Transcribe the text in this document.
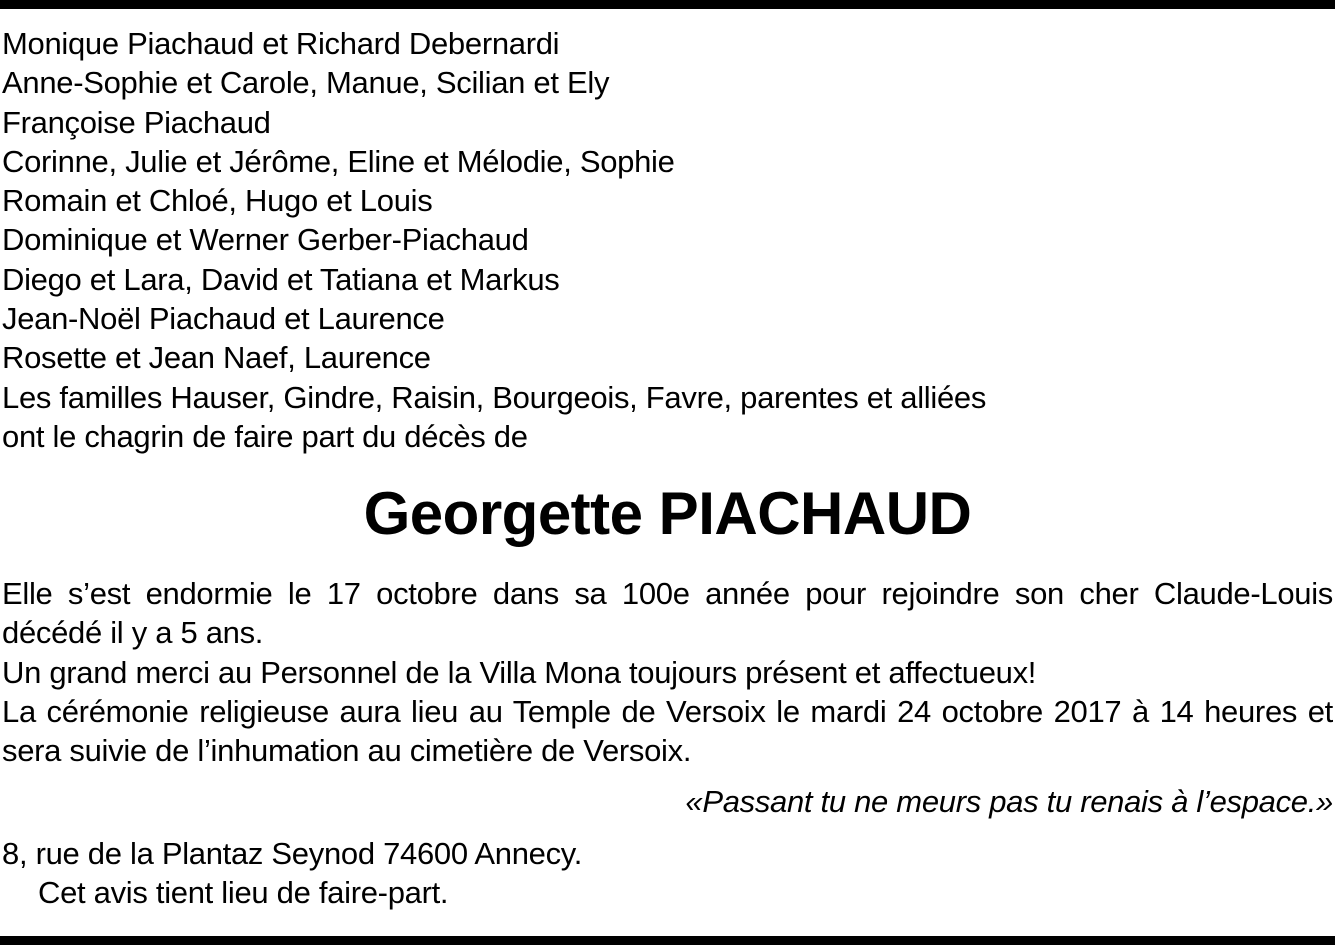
Monique Piachaud et Richard Debernardi
Anne-Sophie et Carole, Manue, Scilian et Ely
Françoise Piachaud
Corinne, Julie et Jérôme, Eline et Mélodie, Sophie
Romain et Chloé, Hugo et Louis
Dominique et Werner Gerber-Piachaud
Diego et Lara, David et Tatiana et Markus
Jean-Noël Piachaud et Laurence
Rosette et Jean Naef, Laurence
Les familles Hauser, Gindre, Raisin, Bourgeois, Favre, parentes et alliées
ont le chagrin de faire part du décès de
Georgette PIACHAUD

Elle s’est endormie le 17 octobre dans sa 100e année pour rejoindre son cher Claude-Louis décédé il y a 5 ans.

Un grand merci au Personnel de la Villa Mona toujours présent et affectueux!

La cérémonie religieuse aura lieu au Temple de Versoix le mardi 24 octobre 2017 à 14 heures et sera suivie de l’inhumation au cimetière de Versoix.

«Passant tu ne meurs pas tu renais à l’espace.»
8, rue de la Plantaz Seynod 74600 Annecy.
Cet avis tient lieu de faire-part.
